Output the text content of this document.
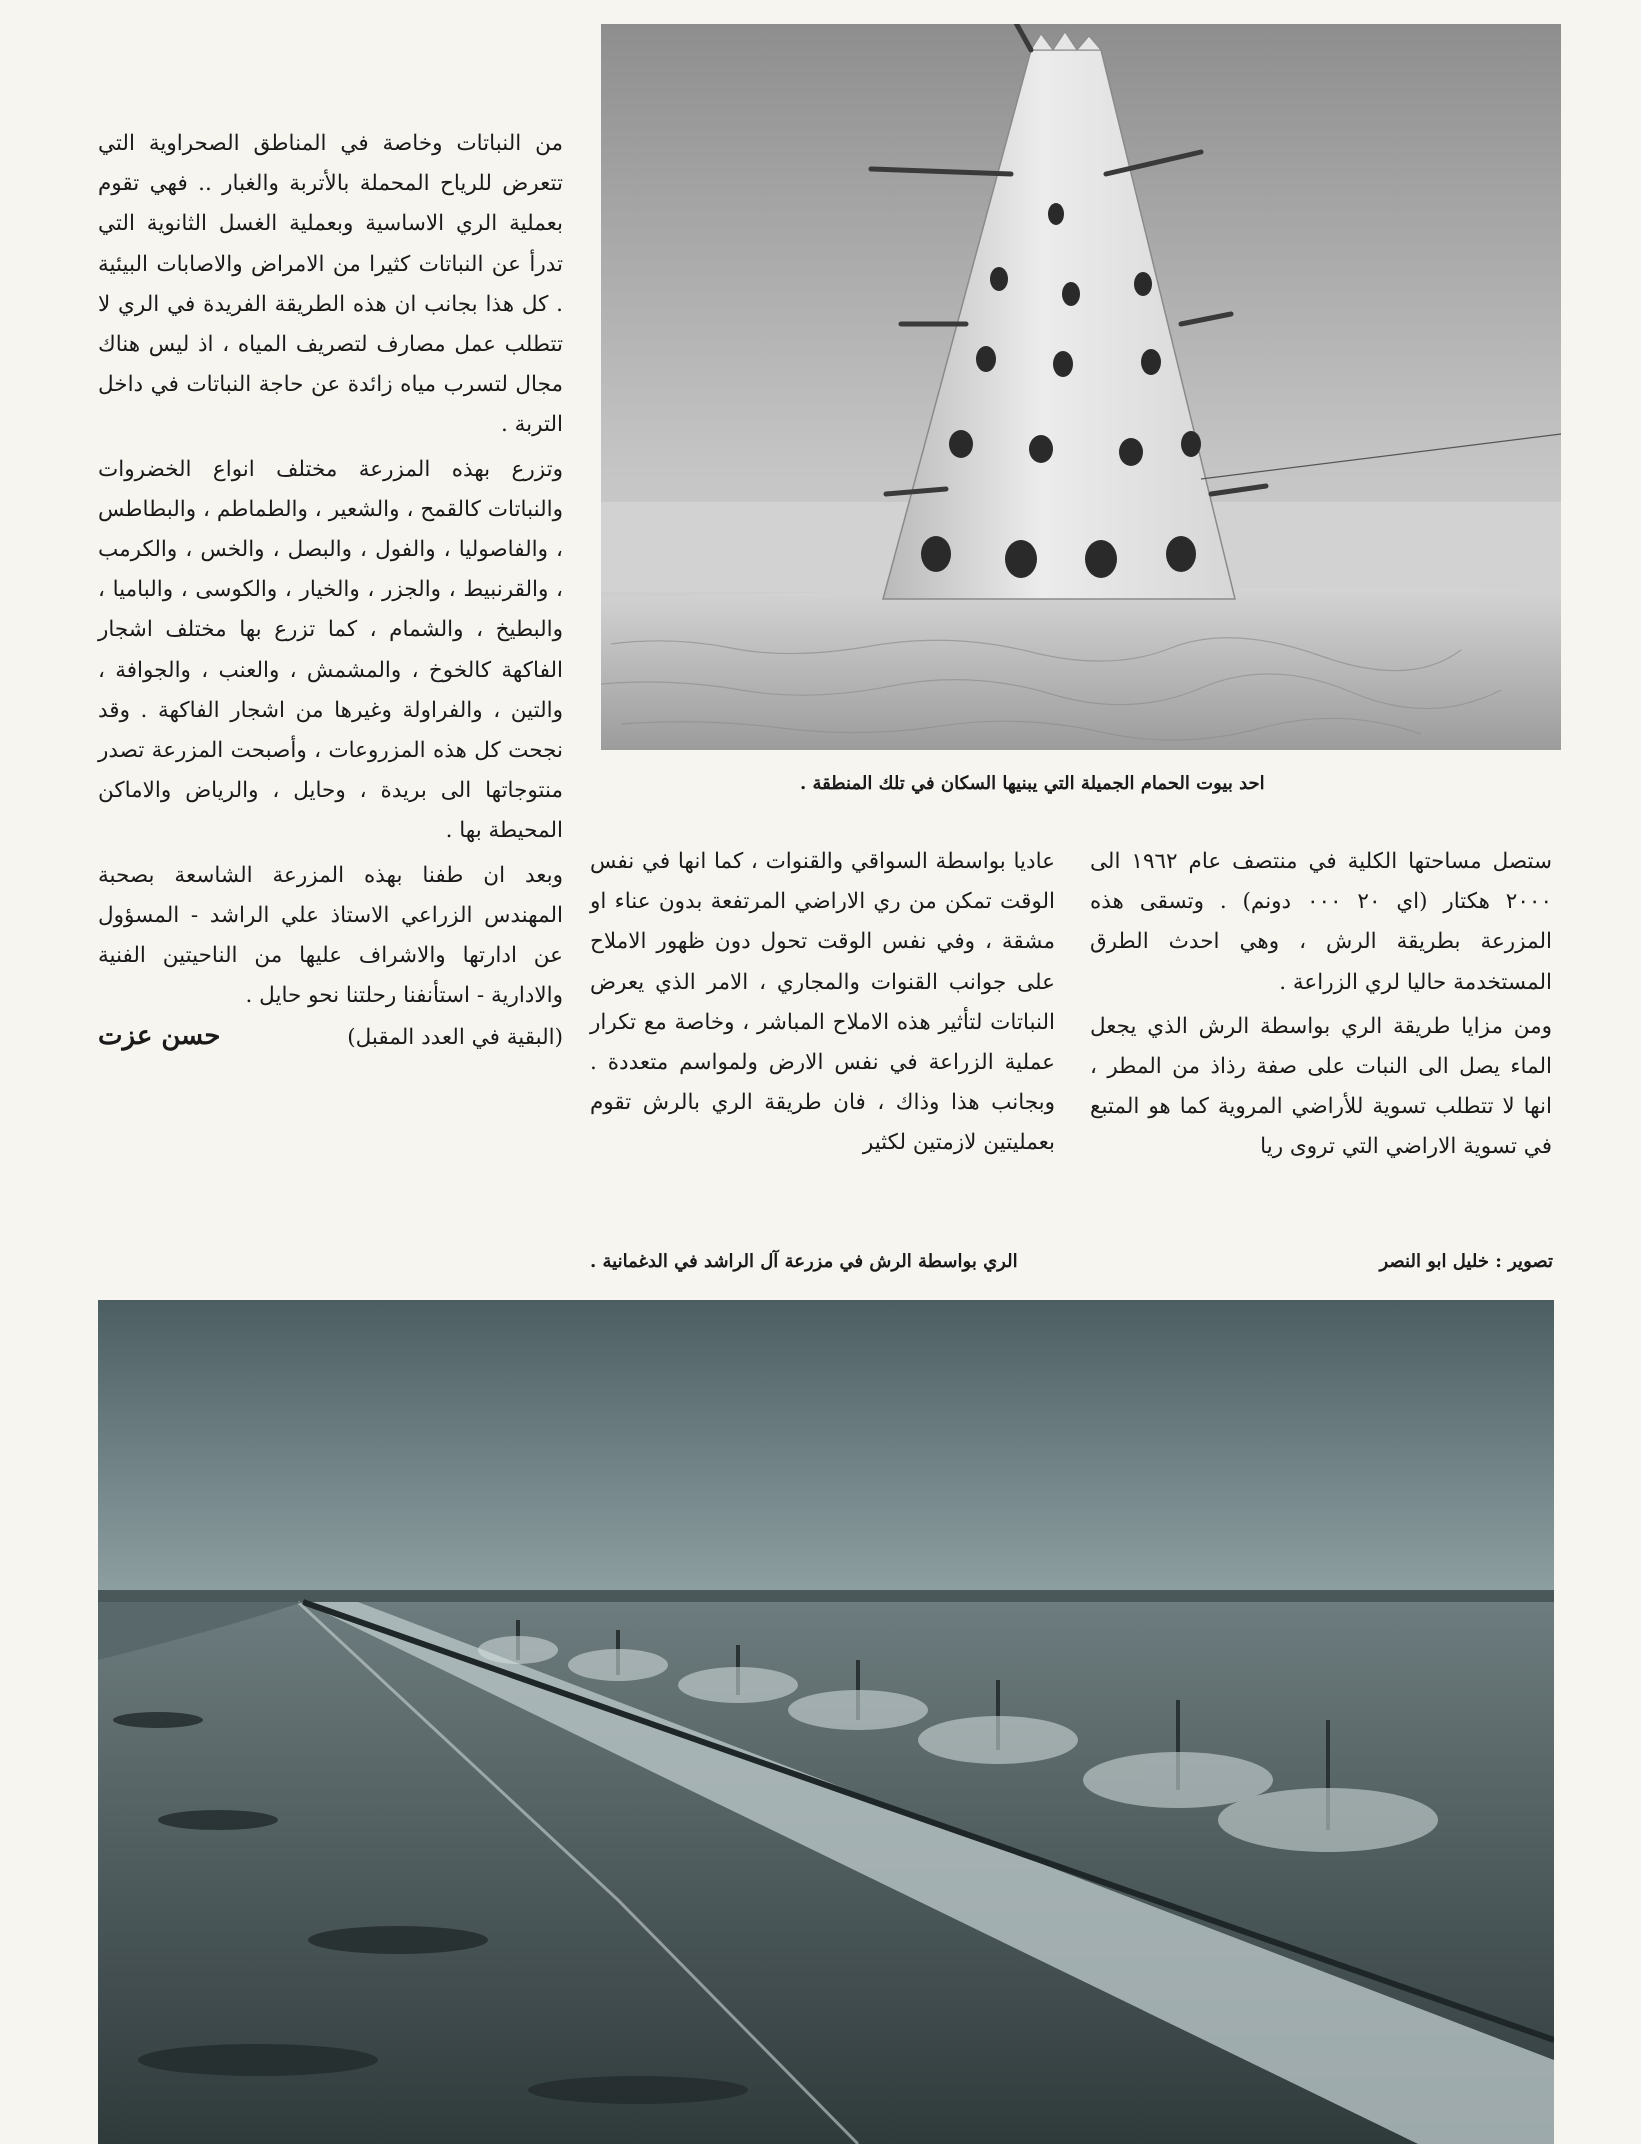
احد بيوت الحمام الجميلة التي يبنيها السكان في تلك المنطقة .

من النباتات وخاصة في المناطق الصحراوية التي تتعرض للرياح المحملة بالأتربة والغبار .. فهي تقوم بعملية الري الاساسية وبعملية الغسل الثانوية التي تدرأ عن النباتات كثيرا من الامراض والاصابات البيئية . كل هذا بجانب ان هذه الطريقة الفريدة في الري لا تتطلب عمل مصارف لتصريف المياه ، اذ ليس هناك مجال لتسرب مياه زائدة عن حاجة النباتات في داخل التربة .

وتزرع بهذه المزرعة مختلف انواع الخضروات والنباتات كالقمح ، والشعير ، والطماطم ، والبطاطس ، والفاصوليا ، والفول ، والبصل ، والخس ، والكرمب ، والقرنبيط ، والجزر ، والخيار ، والكوسى ، والباميا ، والبطيخ ، والشمام ، كما تزرع بها مختلف اشجار الفاكهة كالخوخ ، والمشمش ، والعنب ، والجوافة ، والتين ، والفراولة وغيرها من اشجار الفاكهة . وقد نجحت كل هذه المزروعات ، وأصبحت المزرعة تصدر منتوجاتها الى بريدة ، وحايل ، والرياض والاماكن المحيطة بها .

وبعد ان طفنا بهذه المزرعة الشاسعة بصحبة المهندس الزراعي الاستاذ علي الراشد - المسؤول عن ادارتها والاشراف عليها من الناحيتين الفنية والادارية - استأنفنا رحلتنا نحو حايل .

(البقية في العدد المقبل)
حسن عزت

عاديا بواسطة السواقي والقنوات ، كما انها في نفس الوقت تمكن من ري الاراضي المرتفعة بدون عناء او مشقة ، وفي نفس الوقت تحول دون ظهور الاملاح على جوانب القنوات والمجاري ، الامر الذي يعرض النباتات لتأثير هذه الاملاح المباشر ، وخاصة مع تكرار عملية الزراعة في نفس الارض ولمواسم متعددة . وبجانب هذا وذاك ، فان طريقة الري بالرش تقوم بعمليتين لازمتين لكثير

ستصل مساحتها الكلية في منتصف عام ١٩٦٢ الى ٢٠٠٠ هكتار (اي ٢٠ ٠٠٠ دونم) . وتسقى هذه المزرعة بطريقة الرش ، وهي احدث الطرق المستخدمة حاليا لري الزراعة .

ومن مزايا طريقة الري بواسطة الرش الذي يجعل الماء يصل الى النبات على صفة رذاذ من المطر ، انها لا تتطلب تسوية للأراضي المروية كما هو المتبع في تسوية الاراضي التي تروى ريا

الري بواسطة الرش في مزرعة آل الراشد في الدغمانية .	تصوير : خليل ابو النصر
